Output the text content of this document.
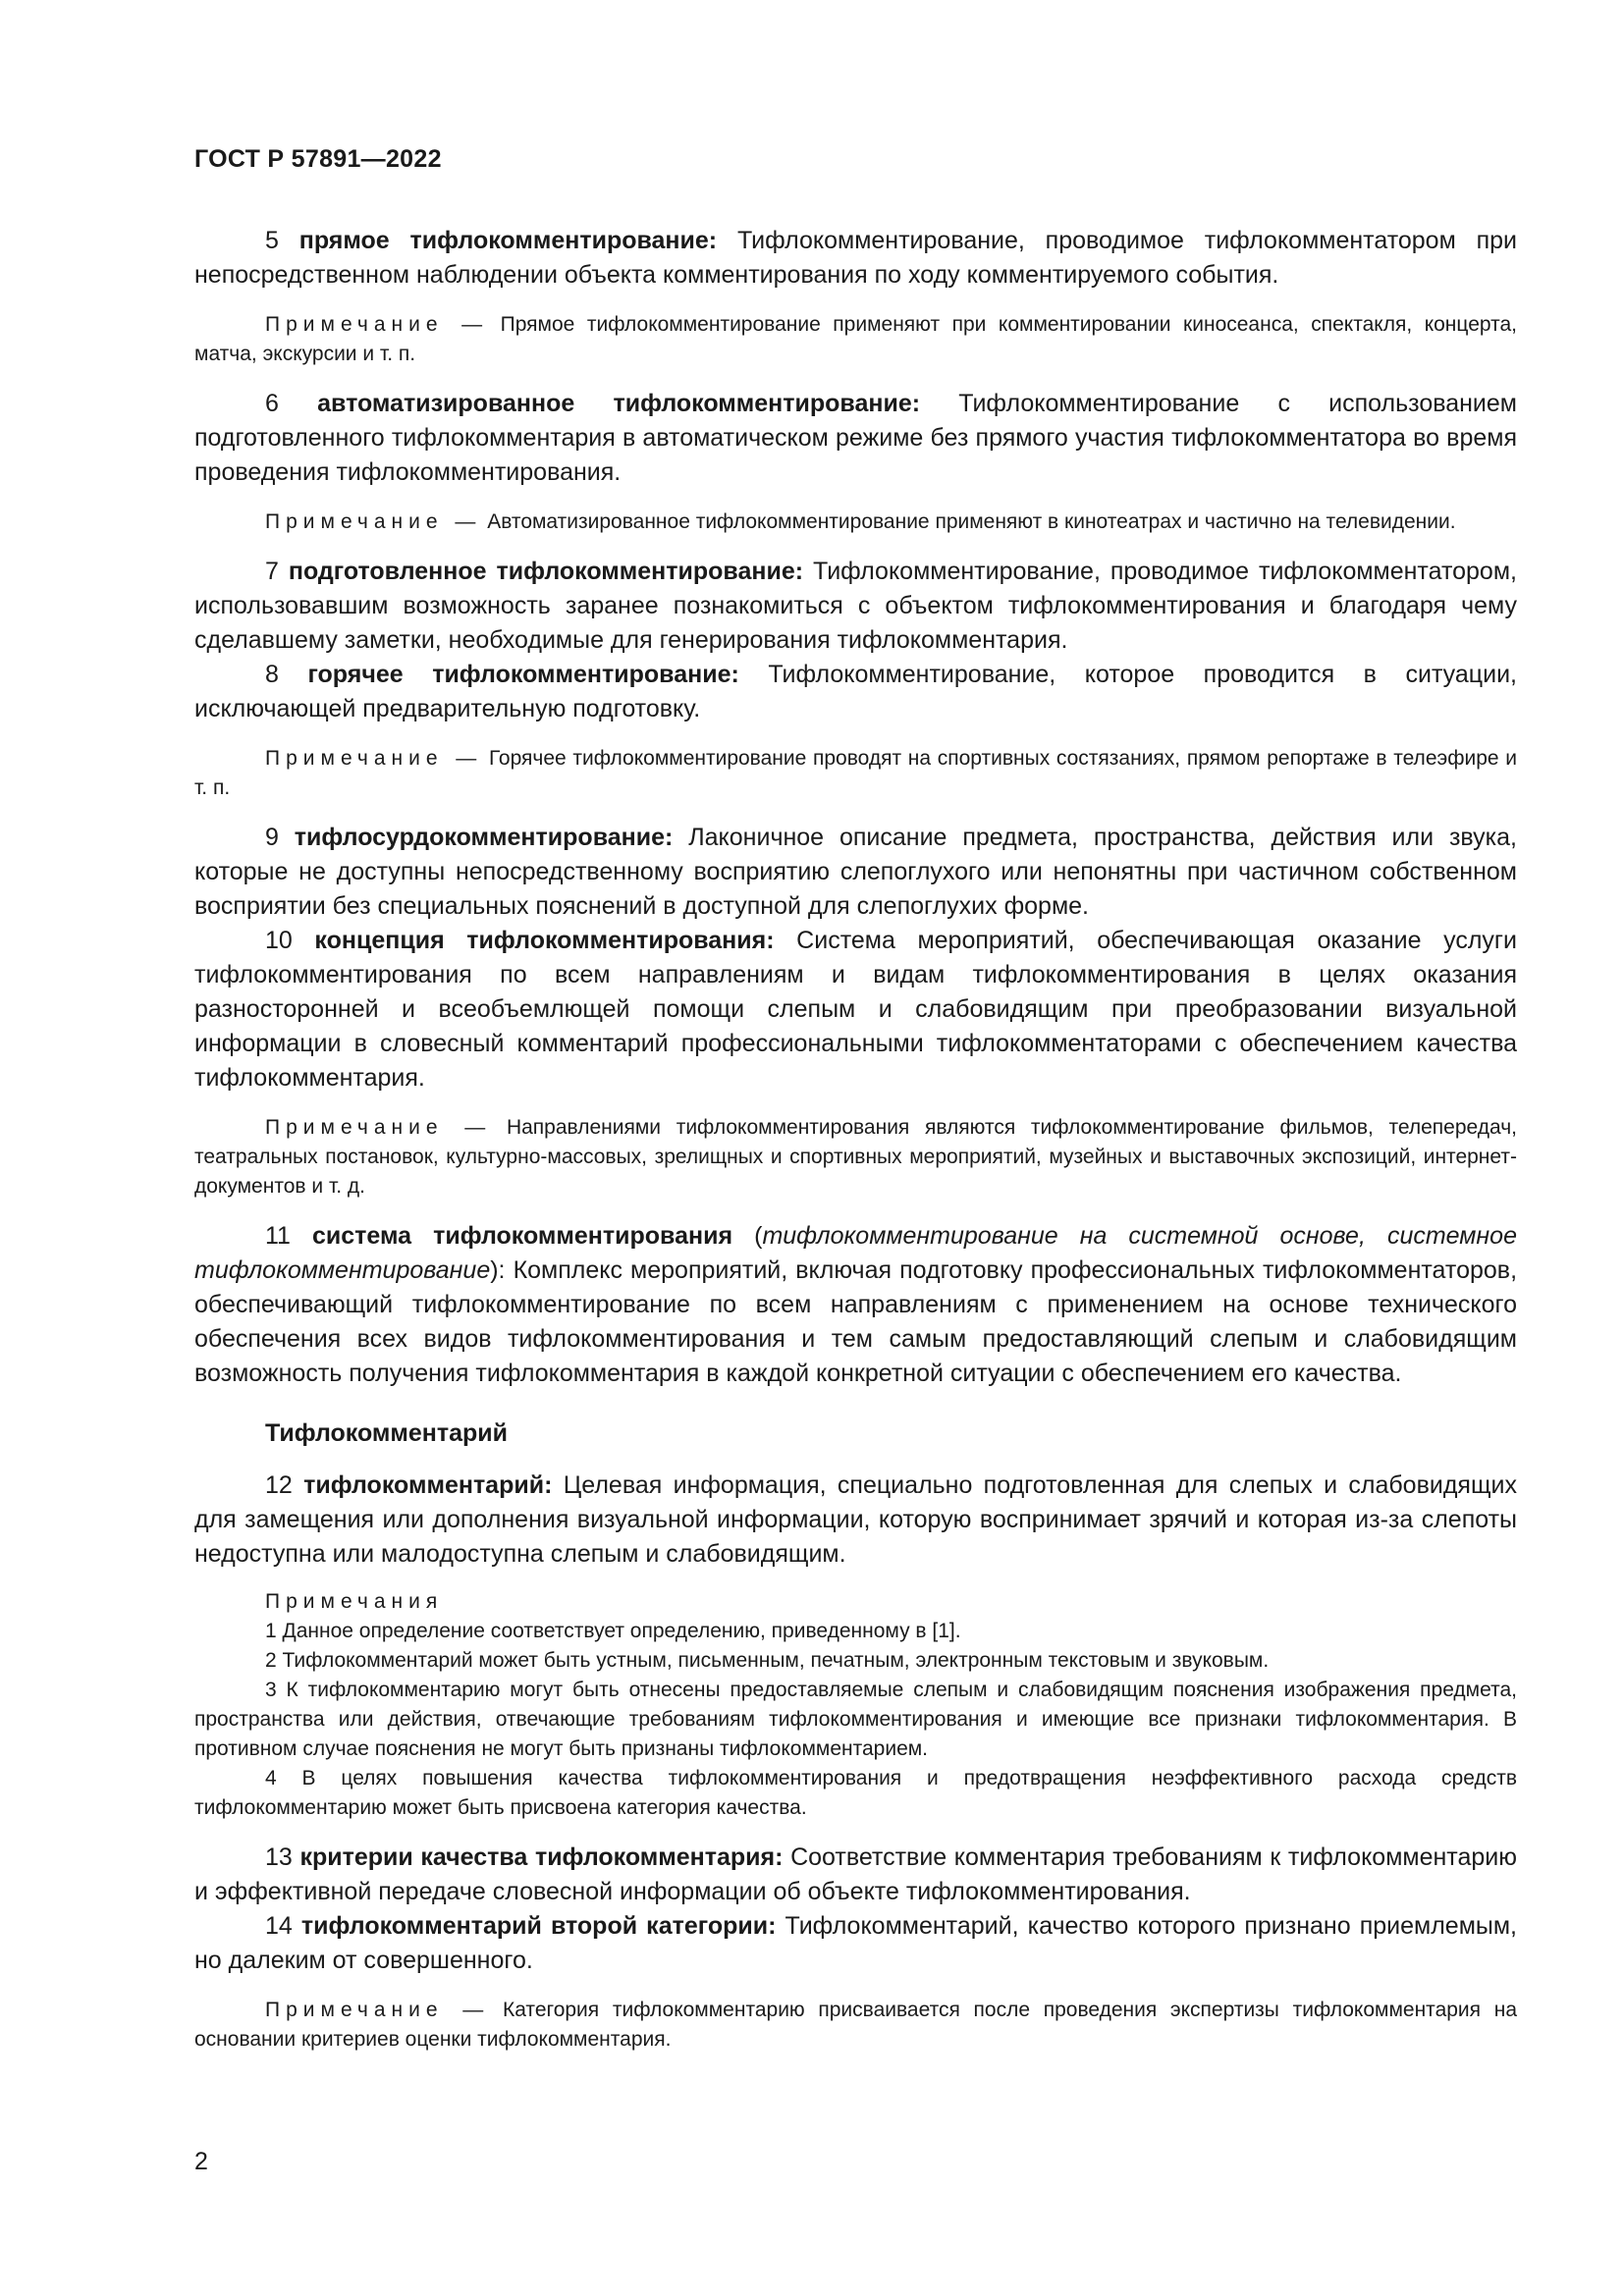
ГОСТ Р 57891—2022

5 прямое тифлокомментирование: Тифлокомментирование, проводимое тифлокомментатором при непосредственном наблюдении объекта комментирования по ходу комментируемого события.

Примечание — Прямое тифлокомментирование применяют при комментировании киносеанса, спектакля, концерта, матча, экскурсии и т. п.

6 автоматизированное тифлокомментирование: Тифлокомментирование с использованием подготовленного тифлокомментария в автоматическом режиме без прямого участия тифлокомментатора во время проведения тифлокомментирования.

Примечание — Автоматизированное тифлокомментирование применяют в кинотеатрах и частично на телевидении.

7 подготовленное тифлокомментирование: Тифлокомментирование, проводимое тифлокомментатором, использовавшим возможность заранее познакомиться с объектом тифлокомментирования и благодаря чему сделавшему заметки, необходимые для генерирования тифлокомментария.

8 горячее тифлокомментирование: Тифлокомментирование, которое проводится в ситуации, исключающей предварительную подготовку.

Примечание — Горячее тифлокомментирование проводят на спортивных состязаниях, прямом репортаже в телеэфире и т. п.

9 тифлосурдокомментирование: Лаконичное описание предмета, пространства, действия или звука, которые не доступны непосредственному восприятию слепоглухого или непонятны при частичном собственном восприятии без специальных пояснений в доступной для слепоглухих форме.

10 концепция тифлокомментирования: Система мероприятий, обеспечивающая оказание услуги тифлокомментирования по всем направлениям и видам тифлокомментирования в целях оказания разносторонней и всеобъемлющей помощи слепым и слабовидящим при преобразовании визуальной информации в словесный комментарий профессиональными тифлокомментаторами с обеспечением качества тифлокомментария.

Примечание — Направлениями тифлокомментирования являются тифлокомментирование фильмов, телепередач, театральных постановок, культурно-массовых, зрелищных и спортивных мероприятий, музейных и выставочных экспозиций, интернет-документов и т. д.

11 система тифлокомментирования (тифлокомментирование на системной основе, системное тифлокомментирование): Комплекс мероприятий, включая подготовку профессиональных тифлокомментаторов, обеспечивающий тифлокомментирование по всем направлениям с применением на основе технического обеспечения всех видов тифлокомментирования и тем самым предоставляющий слепым и слабовидящим возможность получения тифлокомментария в каждой конкретной ситуации с обеспечением его качества.

Тифлокомментарий

12 тифлокомментарий: Целевая информация, специально подготовленная для слепых и слабовидящих для замещения или дополнения визуальной информации, которую воспринимает зрячий и которая из-за слепоты недоступна или малодоступна слепым и слабовидящим.

Примечания

1 Данное определение соответствует определению, приведенному в [1].

2 Тифлокомментарий может быть устным, письменным, печатным, электронным текстовым и звуковым.

3 К тифлокомментарию могут быть отнесены предоставляемые слепым и слабовидящим пояснения изображения предмета, пространства или действия, отвечающие требованиям тифлокомментирования и имеющие все признаки тифлокомментария. В противном случае пояснения не могут быть признаны тифлокомментарием.

4 В целях повышения качества тифлокомментирования и предотвращения неэффективного расхода средств тифлокомментарию может быть присвоена категория качества.

13 критерии качества тифлокомментария: Соответствие комментария требованиям к тифлокомментарию и эффективной передаче словесной информации об объекте тифлокомментирования.

14 тифлокомментарий второй категории: Тифлокомментарий, качество которого признано приемлемым, но далеким от совершенного.

Примечание — Категория тифлокомментарию присваивается после проведения экспертизы тифлокомментария на основании критериев оценки тифлокомментария.

2
